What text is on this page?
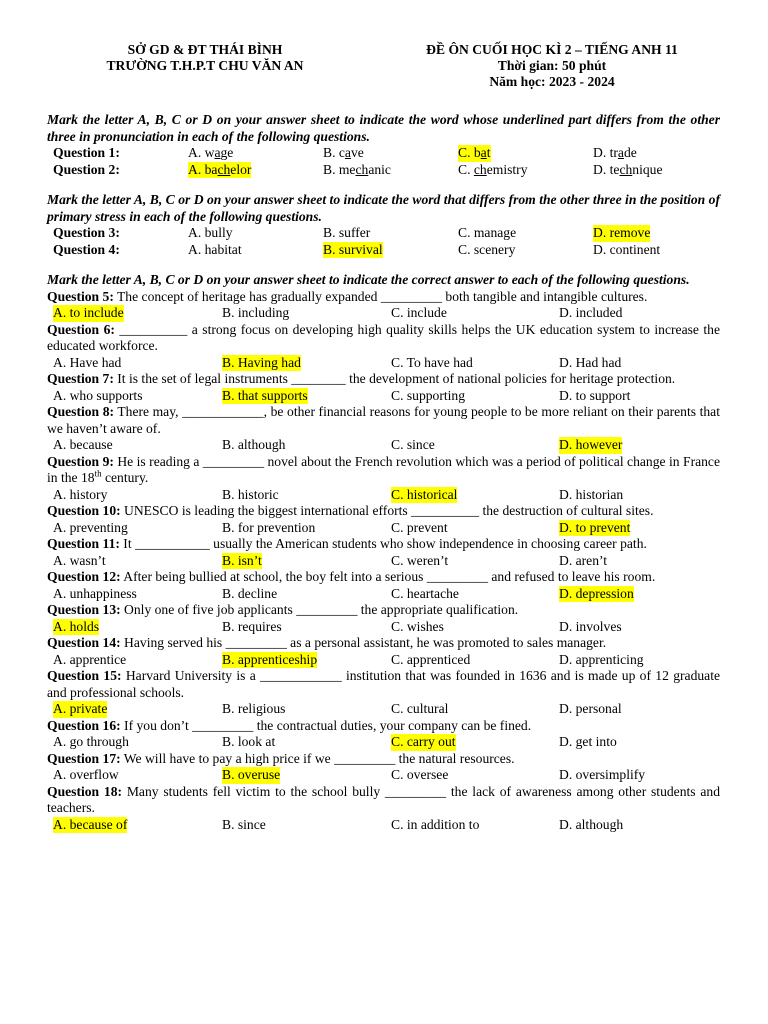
SỞ GD & ĐT THÁI BÌNH
TRƯỜNG T.H.P.T CHU VĂN AN
ĐỀ ÔN CUỐI HỌC KÌ 2 – TIẾNG ANH 11
Thời gian: 50 phút
Năm học: 2023 - 2024

Mark the letter A, B, C or D on your answer sheet to indicate the word whose underlined part differs from the other three in pronunciation in each of the following questions.

Question 1:	A. wage	B. cave	C. bat	D. trade
Question 2:	A. bachelor	B. mechanic	C. chemistry	D. technique

Mark the letter A, B, C or D on your answer sheet to indicate the word that differs from the other three in the position of primary stress in each of the following questions.

Question 3:	A. bully	B. suffer	C. manage	D. remove
Question 4:	A. habitat	B. survival	C. scenery	D. continent

Mark the letter A, B, C or D on your answer sheet to indicate the correct answer to each of the following questions.

Question 5: The concept of heritage has gradually expanded _________ both tangible and intangible cultures.

A. to include	B. including	C. include	D. included

Question 6: __________ a strong focus on developing high quality skills helps the UK education system to increase the educated workforce.

A. Have had	B. Having had	C. To have had	D. Had had

Question 7: It is the set of legal instruments ________ the development of national policies for heritage protection.

A. who supports	B. that supports	C. supporting	D. to support

Question 8: There may, ____________, be other financial reasons for young people to be more reliant on their parents that we haven’t aware of.

A. because	B. although	C. since	D. however

Question 9: He is reading a _________ novel about the French revolution which was a period of political change in France in the 18th century.

A. history	B. historic	C. historical	D. historian

Question 10: UNESCO is leading the biggest international efforts __________ the destruction of cultural sites.

A. preventing	B. for prevention	C. prevent	D. to prevent

Question 11: It ___________ usually the American students who show independence in choosing career path.

A. wasn’t	B. isn’t	C. weren’t	D. aren’t

Question 12: After being bullied at school, the boy felt into a serious _________ and refused to leave his room.

A. unhappiness	B. decline	C. heartache	D. depression

Question 13: Only one of five job applicants _________ the appropriate qualification.

A. holds	B. requires	C. wishes	D. involves

Question 14: Having served his _________ as a personal assistant, he was promoted to sales manager.

A. apprentice	B. apprenticeship	C. apprenticed	D. apprenticing

Question 15: Harvard University is a ____________ institution that was founded in 1636 and is made up of 12 graduate and professional schools.

A. private	B. religious	C. cultural	D. personal

Question 16: If you don’t _________ the contractual duties, your company can be fined.

A. go through	B. look at	C. carry out	D. get into

Question 17: We will have to pay a high price if we _________ the natural resources.

A. overflow	B. overuse	C. oversee	D. oversimplify

Question 18: Many students fell victim to the school bully _________ the lack of awareness among other students and teachers.

A. because of	B. since	C. in addition to	D. although
